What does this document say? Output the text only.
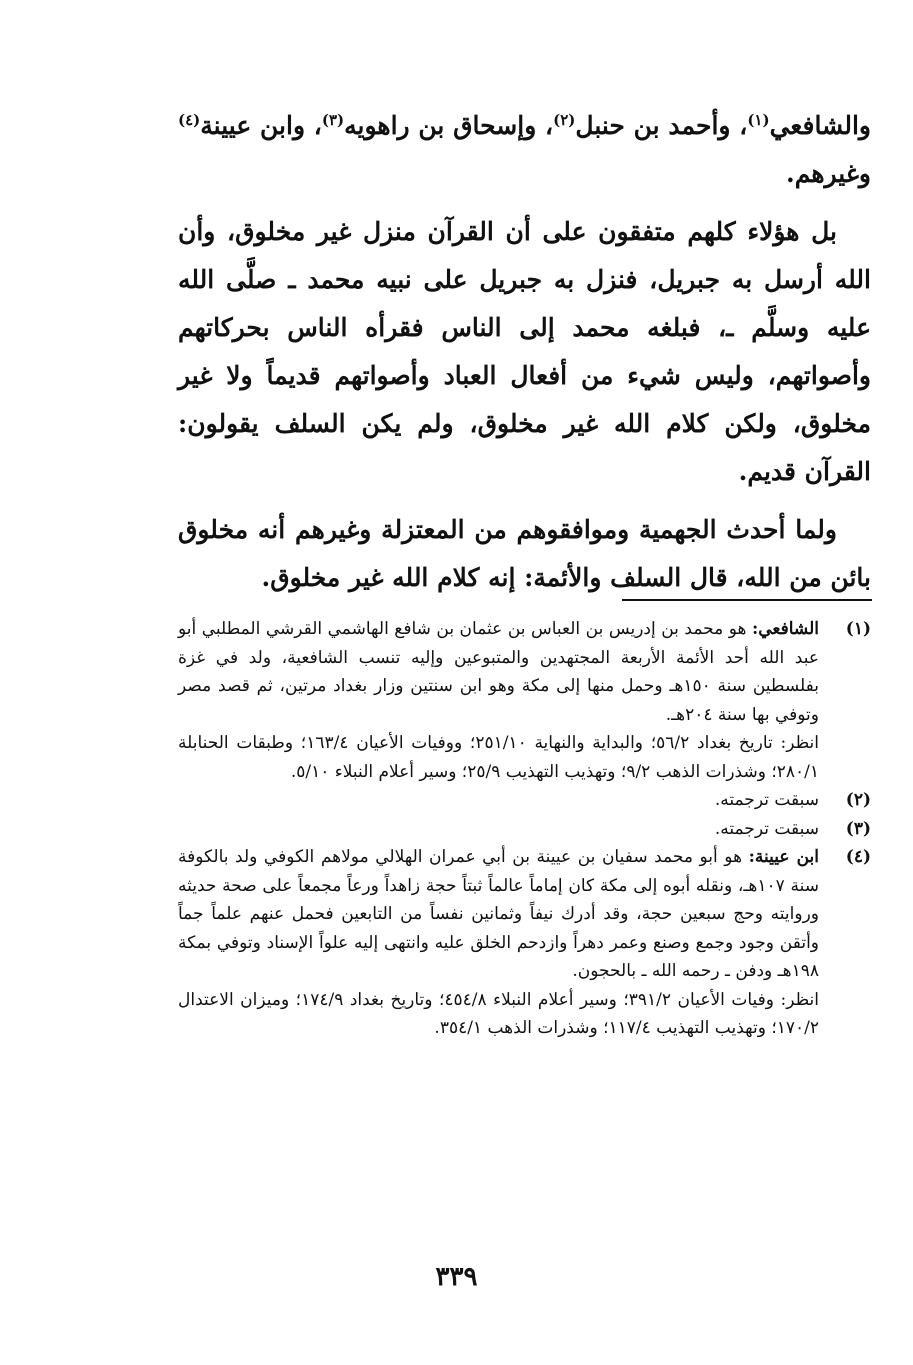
والشافعي$^{(١)}$، وأحمد بن حنبل$^{(٢)}$، وإسحاق بن راهويه$^{(٣)}$، وابن عيينة$^{(٤)}$ وغيرهم.

بل هؤلاء كلهم متفقون على أن القرآن منزل غير مخلوق، وأن الله أرسل به جبريل، فنزل به جبريل على نبيه محمد ـ صلَّى الله عليه وسلَّم ـ، فبلغه محمد إلى الناس فقرأه الناس بحركاتهم وأصواتهم، وليس شيء من أفعال العباد وأصواتهم قديماً ولا غير مخلوق، ولكن كلام الله غير مخلوق، ولم يكن السلف يقولون: القرآن قديم.

ولما أحدث الجهمية وموافقوهم من المعتزلة وغيرهم أنه مخلوق بائن من الله، قال السلف والأئمة: إنه كلام الله غير مخلوق.

(١)
الشافعي: هو محمد بن إدريس بن العباس بن عثمان بن شافع الهاشمي القرشي المطلبي أبو عبد الله أحد الأئمة الأربعة المجتهدين والمتبوعين وإليه تنسب الشافعية، ولد في غزة بفلسطين سنة ١٥٠هـ وحمل منها إلى مكة وهو ابن سنتين وزار بغداد مرتين، ثم قصد مصر وتوفي بها سنة ٢٠٤هـ.
انظر: تاريخ بغداد ٥٦/٢؛ والبداية والنهاية ٢٥١/١٠؛ ووفيات الأعيان ١٦٣/٤؛ وطبقات الحنابلة ٢٨٠/١؛ وشذرات الذهب ٩/٢؛ وتهذيب التهذيب ٢٥/٩؛ وسير أعلام النبلاء ٥/١٠.
(٢)
سبقت ترجمته.
(٣)
سبقت ترجمته.
(٤)
ابن عيينة: هو أبو محمد سفيان بن عيينة بن أبي عمران الهلالي مولاهم الكوفي ولد بالكوفة سنة ١٠٧هـ، ونقله أبوه إلى مكة كان إماماً عالماً ثبتاً حجة زاهداً ورعاً مجمعاً على صحة حديثه وروايته وحج سبعين حجة، وقد أدرك نيفاً وثمانين نفساً من التابعين فحمل عنهم علماً جماً وأتقن وجود وجمع وصنع وعمر دهراً وازدحم الخلق عليه وانتهى إليه علواً الإسناد وتوفي بمكة ١٩٨هـ ودفن ـ رحمه الله ـ بالحجون.
انظر: وفيات الأعيان ٣٩١/٢؛ وسير أعلام النبلاء ٤٥٤/٨؛ وتاريخ بغداد ١٧٤/٩؛ وميزان الاعتدال ١٧٠/٢؛ وتهذيب التهذيب ١١٧/٤؛ وشذرات الذهب ٣٥٤/١.
٣٣٩
